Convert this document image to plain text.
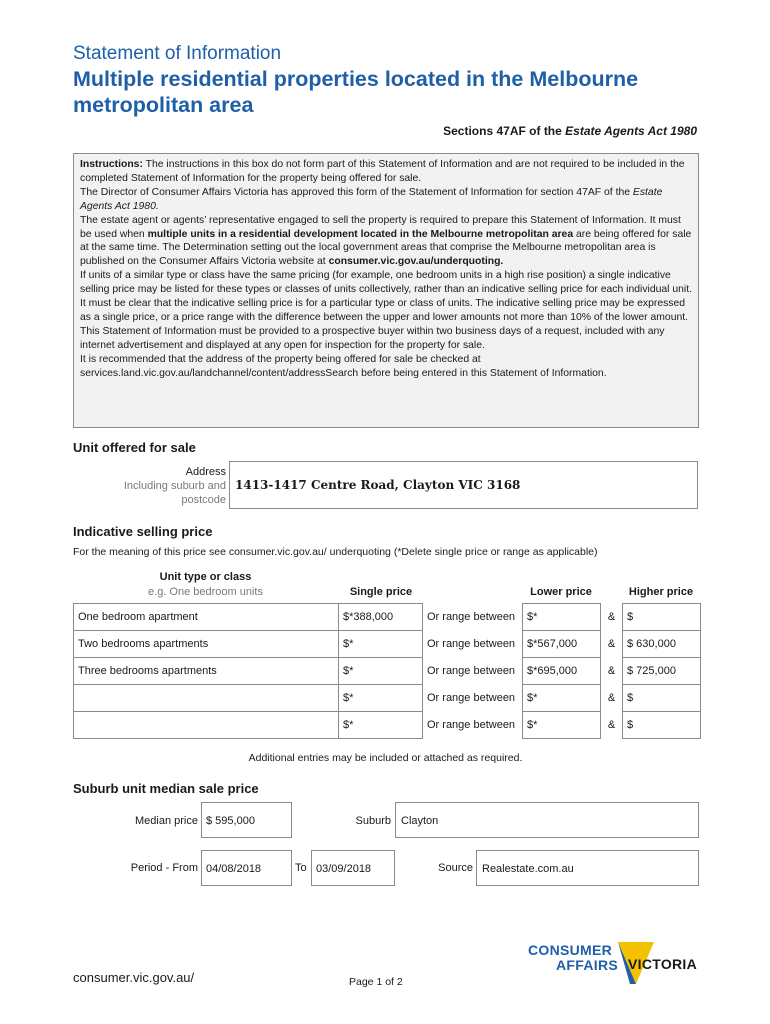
Statement of Information
Multiple residential properties located in the Melbourne
metropolitan area
Sections 47AF of the Estate Agents Act 1980

Instructions: The instructions in this box do not form part of this Statement of Information and are not required to be included in the completed Statement of Information for the property being offered for sale.

The Director of Consumer Affairs Victoria has approved this form of the Statement of Information for section 47AF of the Estate Agents Act 1980.

The estate agent or agents’ representative engaged to sell the property is required to prepare this Statement of Information. It must be used when multiple units in a residential development located in the Melbourne metropolitan area are being offered for sale at the same time. The Determination setting out the local government areas that comprise the Melbourne metropolitan area is published on the Consumer Affairs Victoria website at consumer.vic.gov.au/underquoting.

If units of a similar type or class have the same pricing (for example, one bedroom units in a high rise position) a single indicative selling price may be listed for these types or classes of units collectively, rather than an indicative selling price for each individual unit. It must be clear that the indicative selling price is for a particular type or class of units. The indicative selling price may be expressed as a single price, or a price range with the difference between the upper and lower amounts not more than 10% of the lower amount.

This Statement of Information must be provided to a prospective buyer within two business days of a request, included with any internet advertisement and displayed at any open for inspection for the property for sale.

It is recommended that the address of the property being offered for sale be checked at services.land.vic.gov.au/landchannel/content/addressSearch before being entered in this Statement of Information.

Unit offered for sale
Address
Including suburb and
postcode
1413-1417 Centre Road, Clayton VIC 3168
Indicative selling price
For the meaning of this price see consumer.vic.gov.au/ underquoting (*Delete single price or range as applicable)
Unit type or class
e.g. One bedroom units	Single price	Lower price	Higher price
One bedroom apartment	$*388,000	Or range between	$*	&	$
Two bedrooms apartments	$*	Or range between	$*567,000	&	$ 630,000
Three bedrooms apartments	$*	Or range between	$*695,000	&	$ 725,000
	$*	Or range between	$*	&	$
	$*	Or range between	$*	&	$
Additional entries may be included or attached as required.
Suburb unit median sale price
Median price $ 595,000	Suburb Clayton
Period - From 04/08/2018	To 03/09/2018	Source Realestate.com.au
consumer.vic.gov.au/	Page 1 of 2
CONSUMER
AFFAIRS VICTORIA
